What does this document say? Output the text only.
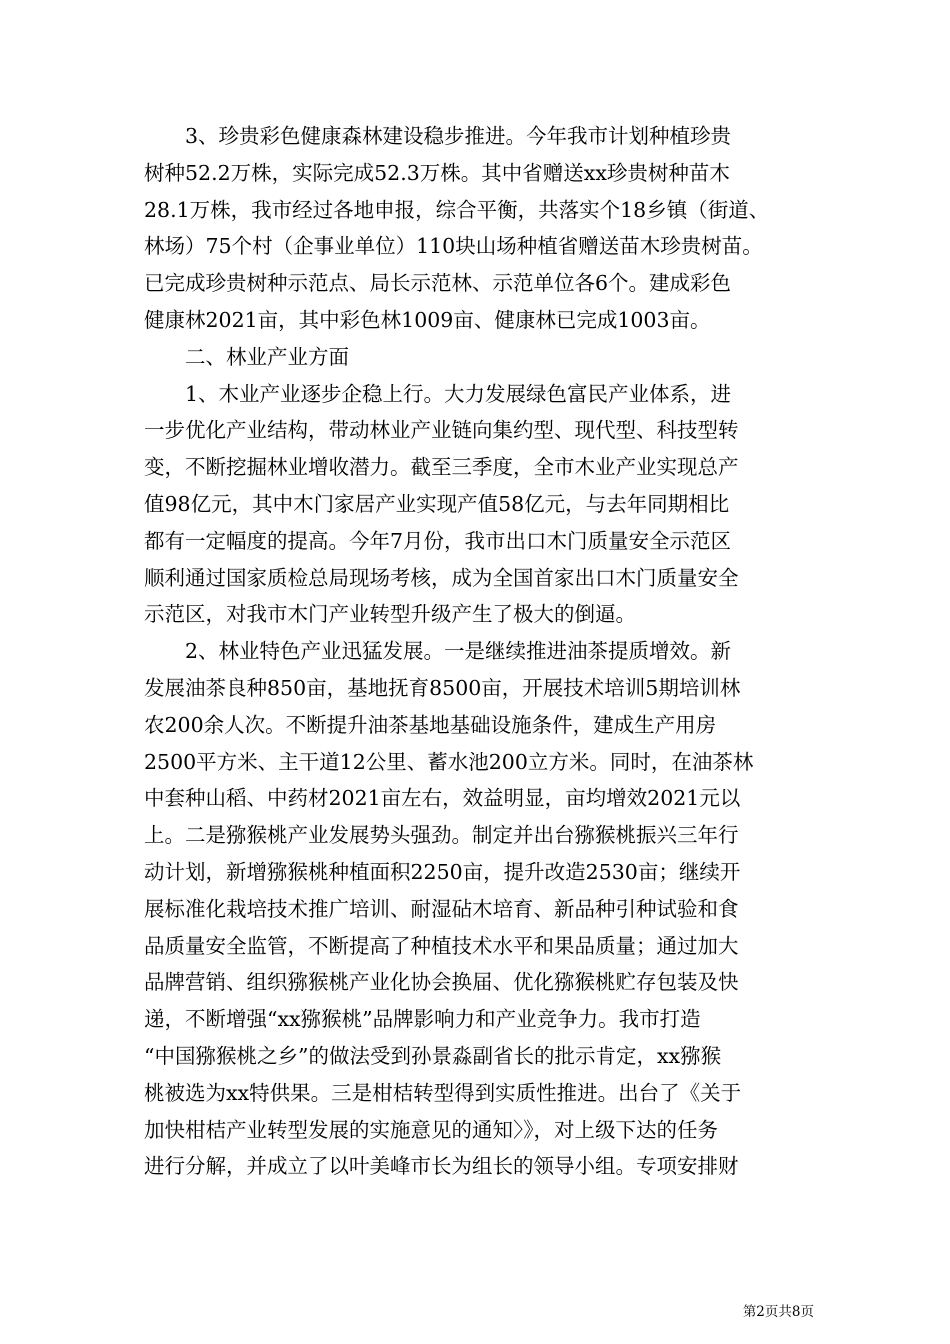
　　3、珍贵彩色健康森林建设稳步推进。今年我市计划种植珍贵
树种52.2万株，实际完成52.3万株。其中省赠送xx珍贵树种苗木
28.1万株，我市经过各地申报，综合平衡，共落实个18乡镇（街道、
林场）75个村（企事业单位）110块山场种植省赠送苗木珍贵树苗。
已完成珍贵树种示范点、局长示范林、示范单位各6个。建成彩色
健康林2021亩，其中彩色林1009亩、健康林已完成1003亩。
　　二、林业产业方面
　　1、木业产业逐步企稳上行。大力发展绿色富民产业体系，进
一步优化产业结构，带动林业产业链向集约型、现代型、科技型转
变，不断挖掘林业增收潜力。截至三季度，全市木业产业实现总产
值98亿元，其中木门家居产业实现产值58亿元，与去年同期相比
都有一定幅度的提高。今年7月份，我市出口木门质量安全示范区
顺利通过国家质检总局现场考核，成为全国首家出口木门质量安全
示范区，对我市木门产业转型升级产生了极大的倒逼。
　　2、林业特色产业迅猛发展。一是继续推进油茶提质增效。新
发展油茶良种850亩，基地抚育8500亩，开展技术培训5期培训林
农200余人次。不断提升油茶基地基础设施条件，建成生产用房
2500平方米、主干道12公里、蓄水池200立方米。同时，在油茶林
中套种山稻、中药材2021亩左右，效益明显，亩均增效2021元以
上。二是猕猴桃产业发展势头强劲。制定并出台猕猴桃振兴三年行
动计划，新增猕猴桃种植面积2250亩，提升改造2530亩；继续开
展标准化栽培技术推广培训、耐湿砧木培育、新品种引种试验和食
品质量安全监管，不断提高了种植技术水平和果品质量；通过加大
品牌营销、组织猕猴桃产业化协会换届、优化猕猴桃贮存包装及快
递，不断增强“xx猕猴桃”品牌影响力和产业竞争力。我市打造
“中国猕猴桃之乡”的做法受到孙景淼副省长的批示肯定，xx猕猴
桃被选为xx特供果。三是柑桔转型得到实质性推进。出台了《关于
加快柑桔产业转型发展的实施意见的通知〉》，对上级下达的任务
进行分解，并成立了以叶美峰市长为组长的领导小组。专项安排财
第2页共8页
